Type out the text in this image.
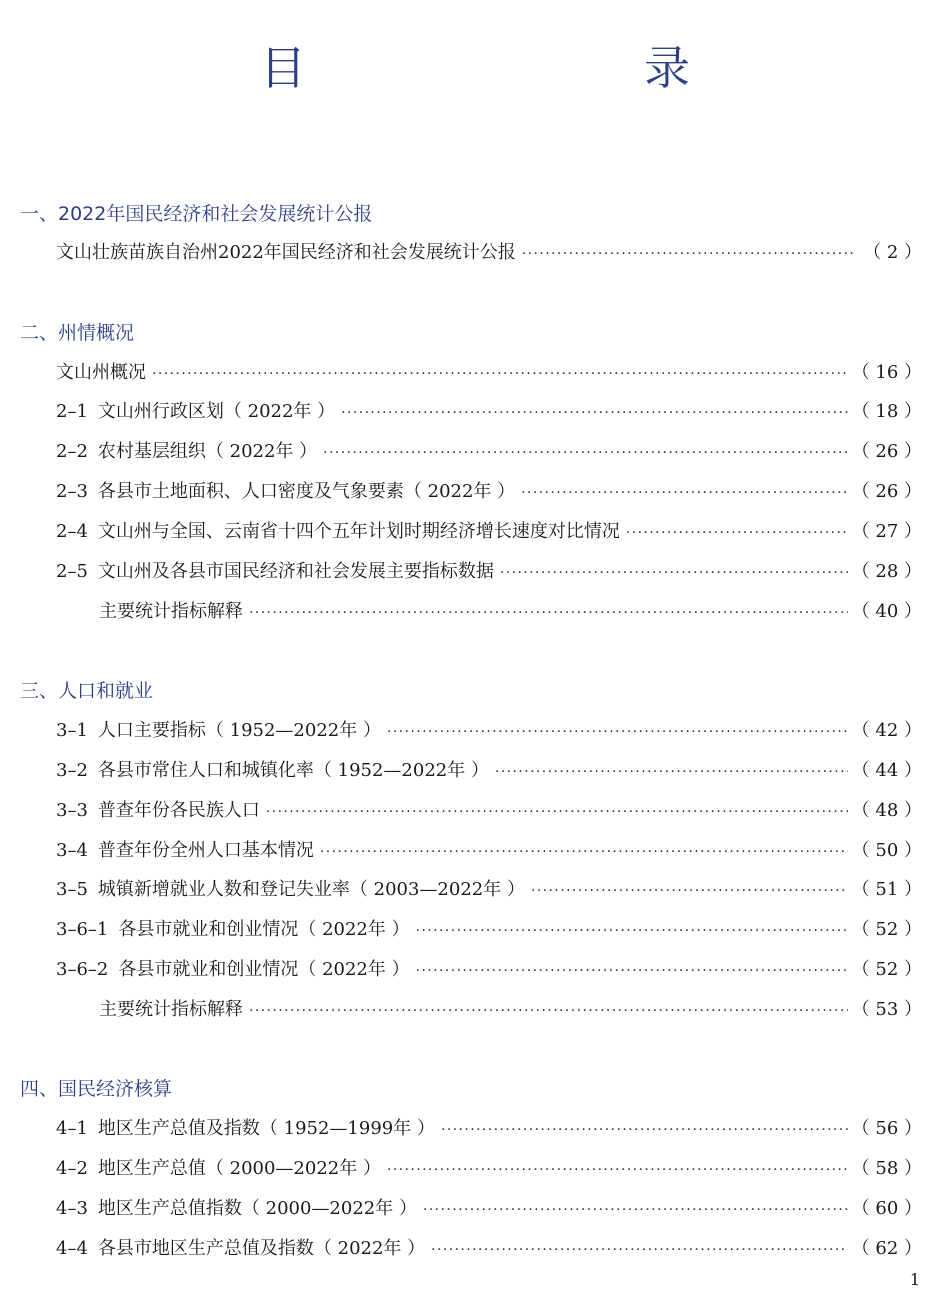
目　　录
一、2022年国民经济和社会发展统计公报
文山壮族苗族自治州2022年国民经济和社会发展统计公报 ·····	（ 2 ）
二、州情概况
文山州概况 ·····	（ 16 ）
2–1 文山州行政区划（ 2022年 ） ·····	（ 18 ）
2–2 农村基层组织（ 2022年 ） ·····	（ 26 ）
2–3 各县市土地面积、人口密度及气象要素（ 2022年 ） ·····	（ 26 ）
2–4 文山州与全国、云南省十四个五年计划时期经济增长速度对比情况 ·····	（ 27 ）
2–5 文山州及各县市国民经济和社会发展主要指标数据 ·····	（ 28 ）
主要统计指标解释 ·····	（ 40 ）
三、人口和就业
3–1 人口主要指标（ 1952—2022年 ） ·····	（ 42 ）
3–2 各县市常住人口和城镇化率（ 1952—2022年 ） ·····	（ 44 ）
3–3 普查年份各民族人口 ·····	（ 48 ）
3–4 普查年份全州人口基本情况 ·····	（ 50 ）
3–5 城镇新增就业人数和登记失业率（ 2003—2022年 ） ·····	（ 51 ）
3–6–1 各县市就业和创业情况（ 2022年 ） ·····	（ 52 ）
3–6–2 各县市就业和创业情况（ 2022年 ） ·····	（ 52 ）
主要统计指标解释 ·····	（ 53 ）
四、国民经济核算
4–1 地区生产总值及指数（ 1952—1999年 ） ·····	（ 56 ）
4–2 地区生产总值（ 2000—2022年 ） ·····	（ 58 ）
4–3 地区生产总值指数（ 2000—2022年 ） ·····	（ 60 ）
4–4 各县市地区生产总值及指数（ 2022年 ） ·····	（ 62 ）
1
